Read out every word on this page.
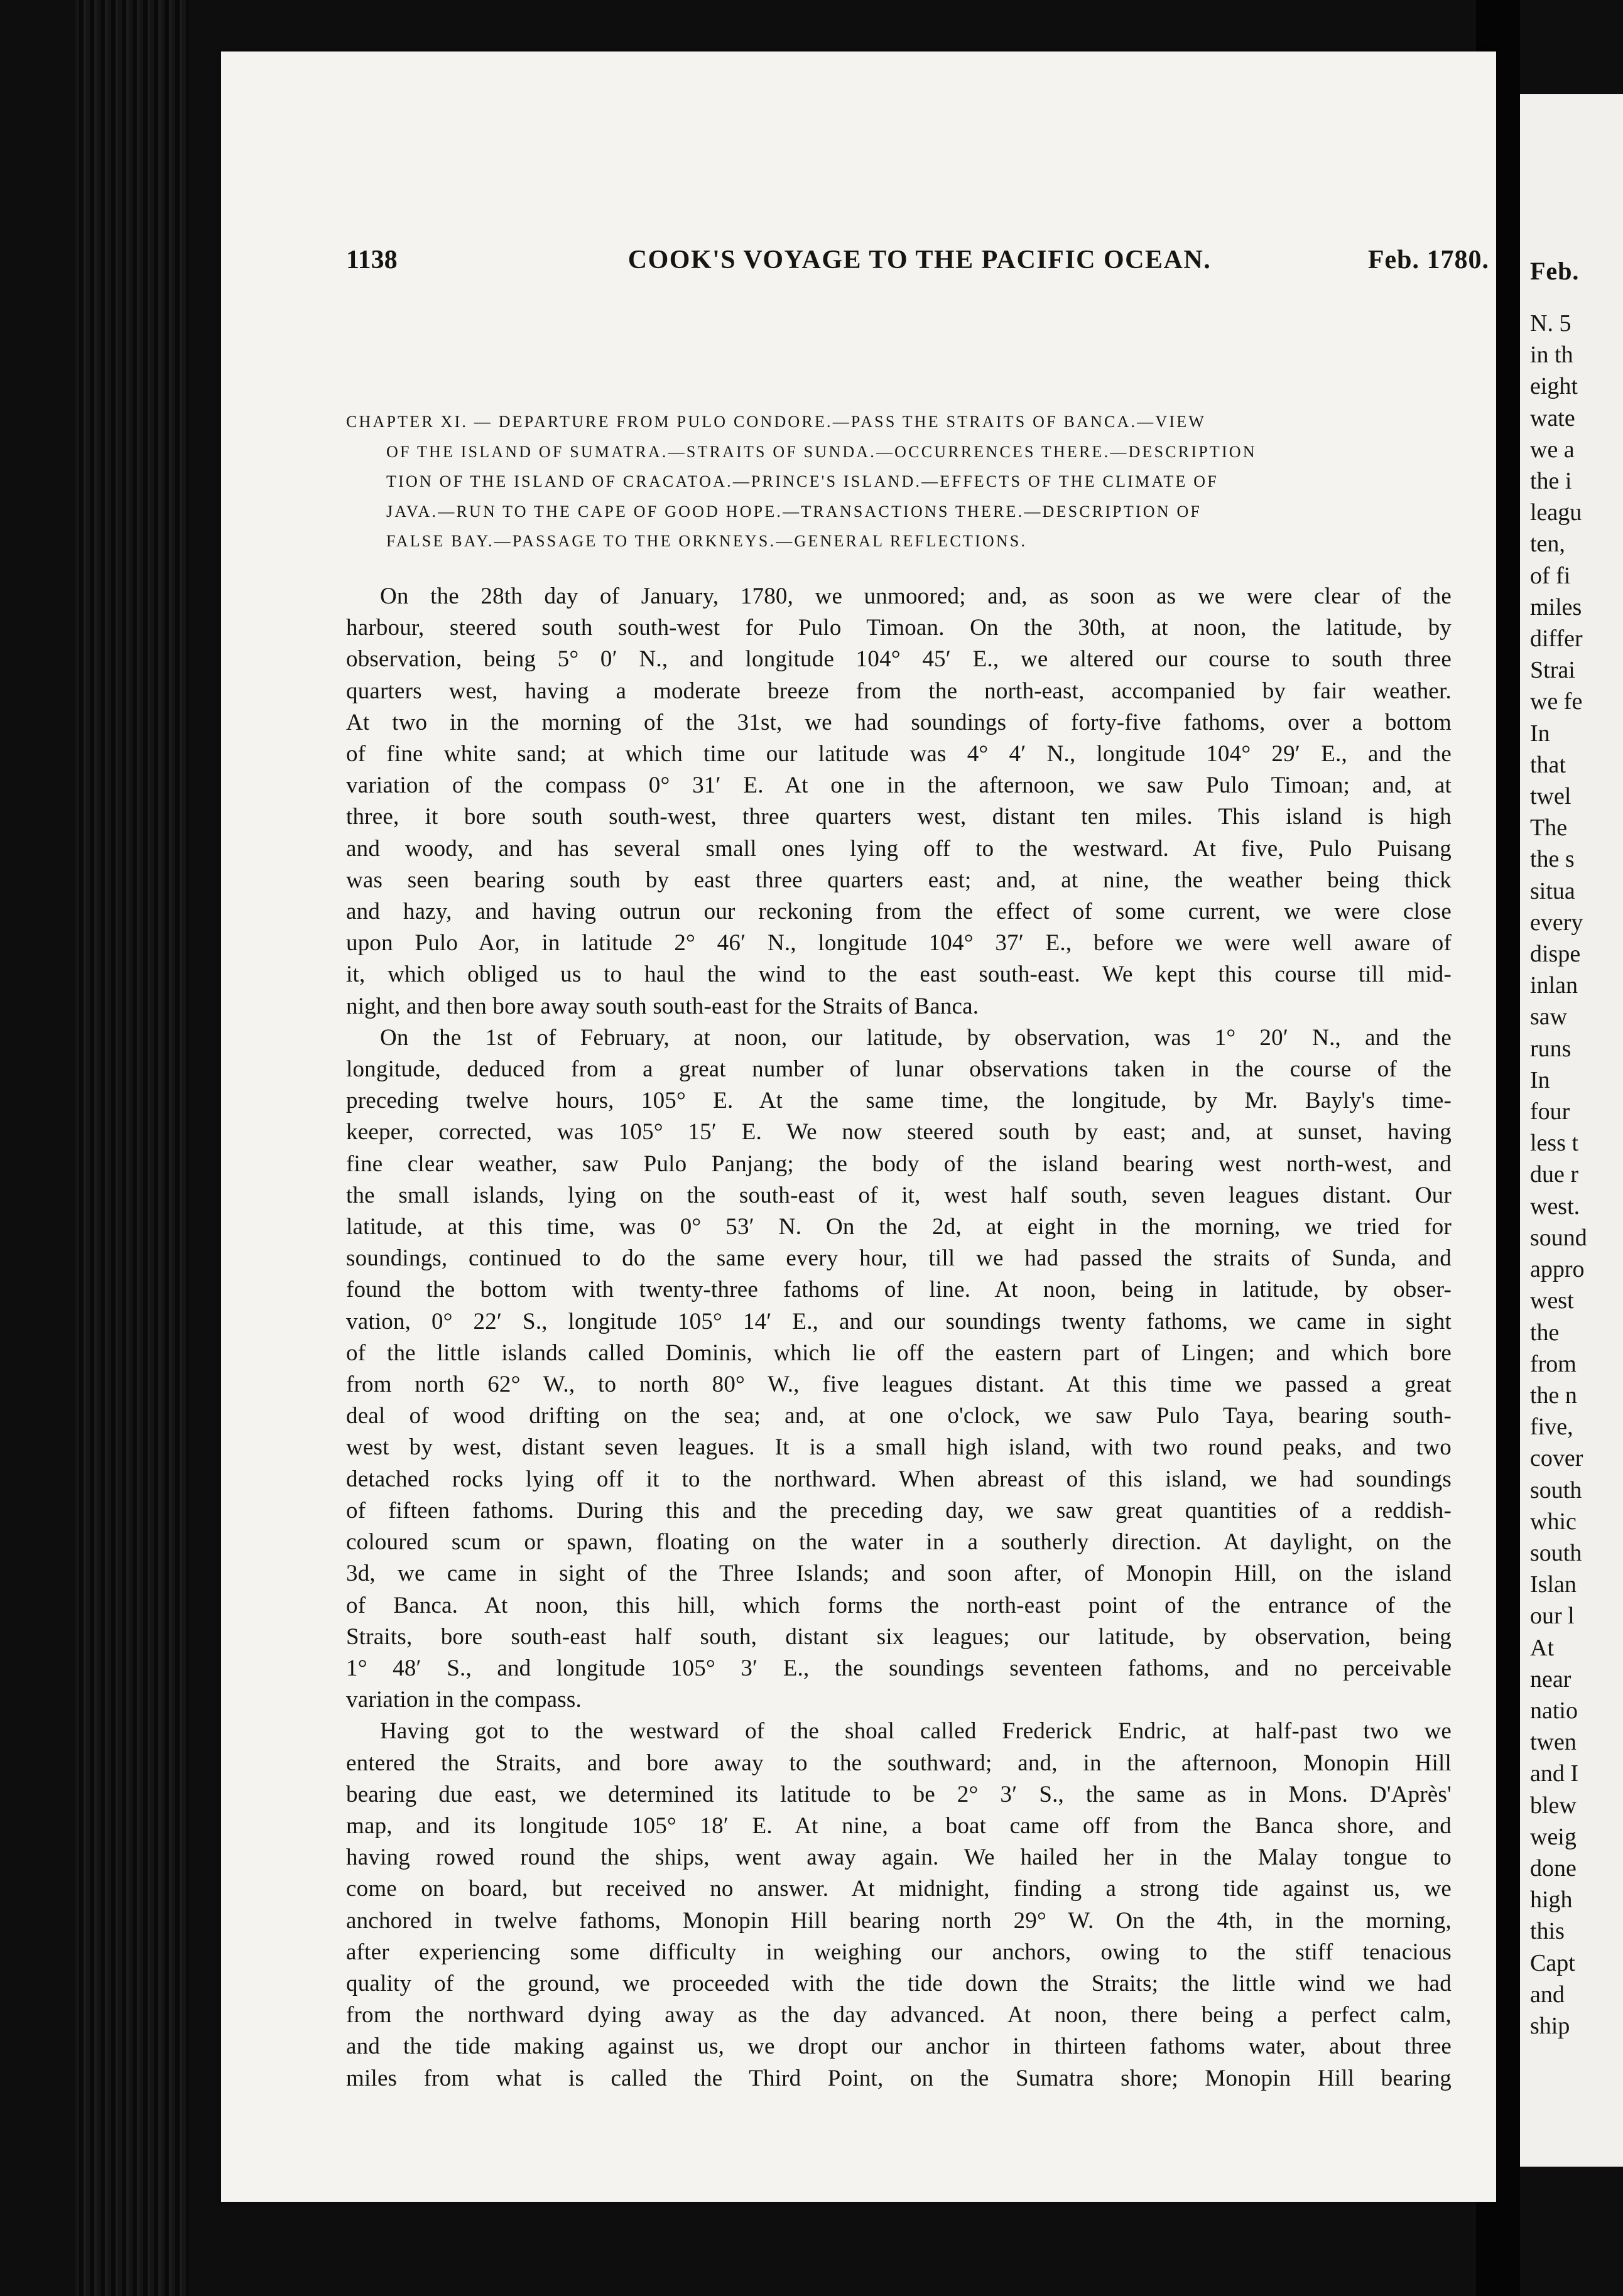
1138	COOK'S VOYAGE TO THE PACIFIC OCEAN.	Feb. 1780.
CHAPTER XI. — DEPARTURE FROM PULO CONDORE.—PASS THE STRAITS OF BANCA.—VIEW
OF THE ISLAND OF SUMATRA.—STRAITS OF SUNDA.—OCCURRENCES THERE.—DESCRIPTION
TION OF THE ISLAND OF CRACATOA.—PRINCE'S ISLAND.—EFFECTS OF THE CLIMATE OF
JAVA.—RUN TO THE CAPE OF GOOD HOPE.—TRANSACTIONS THERE.—DESCRIPTION OF
FALSE BAY.—PASSAGE TO THE ORKNEYS.—GENERAL REFLECTIONS.
On the 28th day of January, 1780, we unmoored; and, as soon as we were clear of the
harbour, steered south south-west for Pulo Timoan. On the 30th, at noon, the latitude, by
observation, being 5° 0′ N., and longitude 104° 45′ E., we altered our course to south three
quarters west, having a moderate breeze from the north-east, accompanied by fair weather.
At two in the morning of the 31st, we had soundings of forty-five fathoms, over a bottom
of fine white sand; at which time our latitude was 4° 4′ N., longitude 104° 29′ E., and the
variation of the compass 0° 31′ E. At one in the afternoon, we saw Pulo Timoan; and, at
three, it bore south south-west, three quarters west, distant ten miles. This island is high
and woody, and has several small ones lying off to the westward. At five, Pulo Puisang
was seen bearing south by east three quarters east; and, at nine, the weather being thick
and hazy, and having outrun our reckoning from the effect of some current, we were close
upon Pulo Aor, in latitude 2° 46′ N., longitude 104° 37′ E., before we were well aware of
it, which obliged us to haul the wind to the east south-east. We kept this course till mid-
night, and then bore away south south-east for the Straits of Banca.
On the 1st of February, at noon, our latitude, by observation, was 1° 20′ N., and the
longitude, deduced from a great number of lunar observations taken in the course of the
preceding twelve hours, 105° E. At the same time, the longitude, by Mr. Bayly's time-
keeper, corrected, was 105° 15′ E. We now steered south by east; and, at sunset, having
fine clear weather, saw Pulo Panjang; the body of the island bearing west north-west, and
the small islands, lying on the south-east of it, west half south, seven leagues distant. Our
latitude, at this time, was 0° 53′ N. On the 2d, at eight in the morning, we tried for
soundings, continued to do the same every hour, till we had passed the straits of Sunda, and
found the bottom with twenty-three fathoms of line. At noon, being in latitude, by obser-
vation, 0° 22′ S., longitude 105° 14′ E., and our soundings twenty fathoms, we came in sight
of the little islands called Dominis, which lie off the eastern part of Lingen; and which bore
from north 62° W., to north 80° W., five leagues distant. At this time we passed a great
deal of wood drifting on the sea; and, at one o'clock, we saw Pulo Taya, bearing south-
west by west, distant seven leagues. It is a small high island, with two round peaks, and two
detached rocks lying off it to the northward. When abreast of this island, we had soundings
of fifteen fathoms. During this and the preceding day, we saw great quantities of a reddish-
coloured scum or spawn, floating on the water in a southerly direction. At daylight, on the
3d, we came in sight of the Three Islands; and soon after, of Monopin Hill, on the island
of Banca. At noon, this hill, which forms the north-east point of the entrance of the
Straits, bore south-east half south, distant six leagues; our latitude, by observation, being
1° 48′ S., and longitude 105° 3′ E., the soundings seventeen fathoms, and no perceivable
variation in the compass.
Having got to the westward of the shoal called Frederick Endric, at half-past two we
entered the Straits, and bore away to the southward; and, in the afternoon, Monopin Hill
bearing due east, we determined its latitude to be 2° 3′ S., the same as in Mons. D'Après'
map, and its longitude 105° 18′ E. At nine, a boat came off from the Banca shore, and
having rowed round the ships, went away again. We hailed her in the Malay tongue to
come on board, but received no answer. At midnight, finding a strong tide against us, we
anchored in twelve fathoms, Monopin Hill bearing north 29° W. On the 4th, in the morning,
after experiencing some difficulty in weighing our anchors, owing to the stiff tenacious
quality of the ground, we proceeded with the tide down the Straits; the little wind we had
from the northward dying away as the day advanced. At noon, there being a perfect calm,
and the tide making against us, we dropt our anchor in thirteen fathoms water, about three
miles from what is called the Third Point, on the Sumatra shore; Monopin Hill bearing
Feb.
N. 5
in th
eight
wate
we a
the i
leagu
ten,
of fi
miles
differ
Strai
we fe
In
that
twel
The
the s
situa
every
dispe
inlan
saw
runs
In
four
less t
due r
west.
sound
appro
west
the
from
the n
five,
cover
south
whic
south
Islan
our l
At
near
natio
twen
and I
blew
weig
done
high
this
Capt
and
ship
